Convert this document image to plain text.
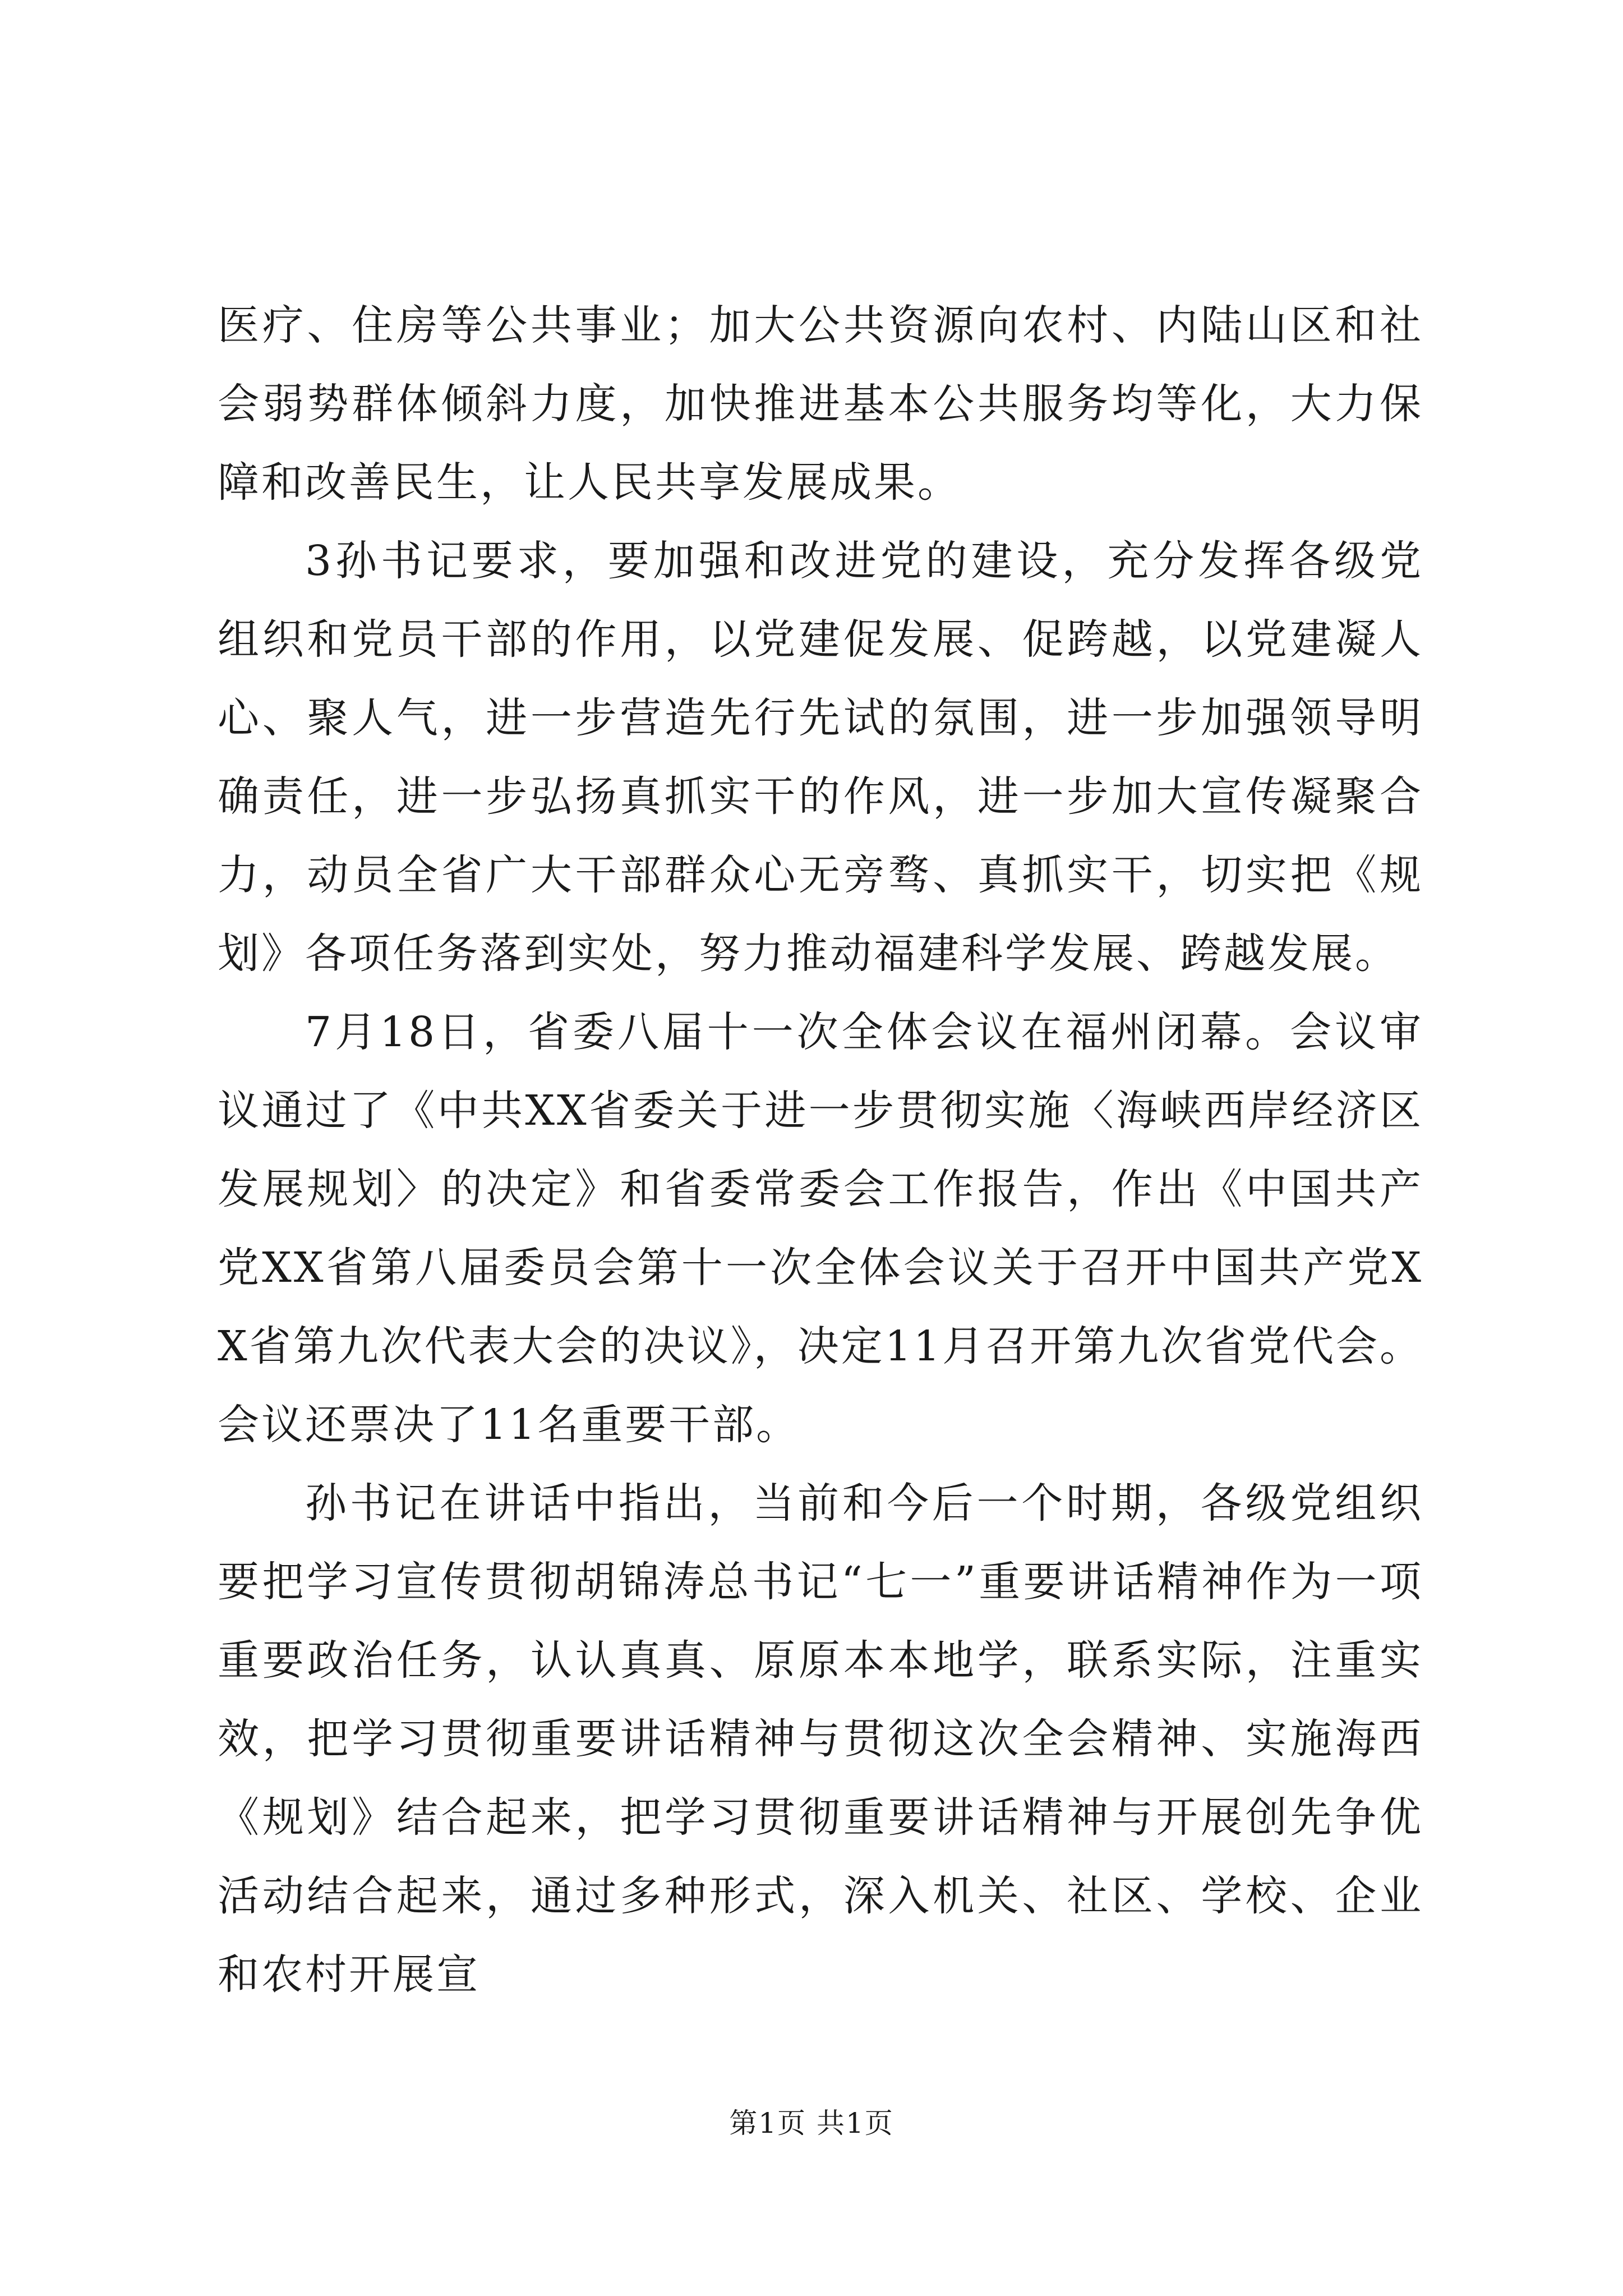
医疗、住房等公共事业；加大公共资源向农村、内陆山区和社会弱势群体倾斜力度，加快推进基本公共服务均等化，大力保障和改善民生，让人民共享发展成果。

3孙书记要求，要加强和改进党的建设，充分发挥各级党组织和党员干部的作用，以党建促发展、促跨越，以党建凝人心、聚人气，进一步营造先行先试的氛围，进一步加强领导明确责任，进一步弘扬真抓实干的作风，进一步加大宣传凝聚合力，动员全省广大干部群众心无旁骛、真抓实干，切实把《规划》各项任务落到实处，努力推动福建科学发展、跨越发展。

7月18日，省委八届十一次全体会议在福州闭幕。会议审议通过了《中共XX省委关于进一步贯彻实施〈海峡西岸经济区发展规划〉的决定》和省委常委会工作报告，作出《中国共产党XX省第八届委员会第十一次全体会议关于召开中国共产党XX省第九次代表大会的决议》，决定11月召开第九次省党代会。会议还票决了11名重要干部。

孙书记在讲话中指出，当前和今后一个时期，各级党组织要把学习宣传贯彻胡锦涛总书记“七一”重要讲话精神作为一项重要政治任务，认认真真、原原本本地学，联系实际，注重实效，把学习贯彻重要讲话精神与贯彻这次全会精神、实施海西《规划》结合起来，把学习贯彻重要讲话精神与开展创先争优活动结合起来，通过多种形式，深入机关、社区、学校、企业和农村开展宣

第1页 共1页
